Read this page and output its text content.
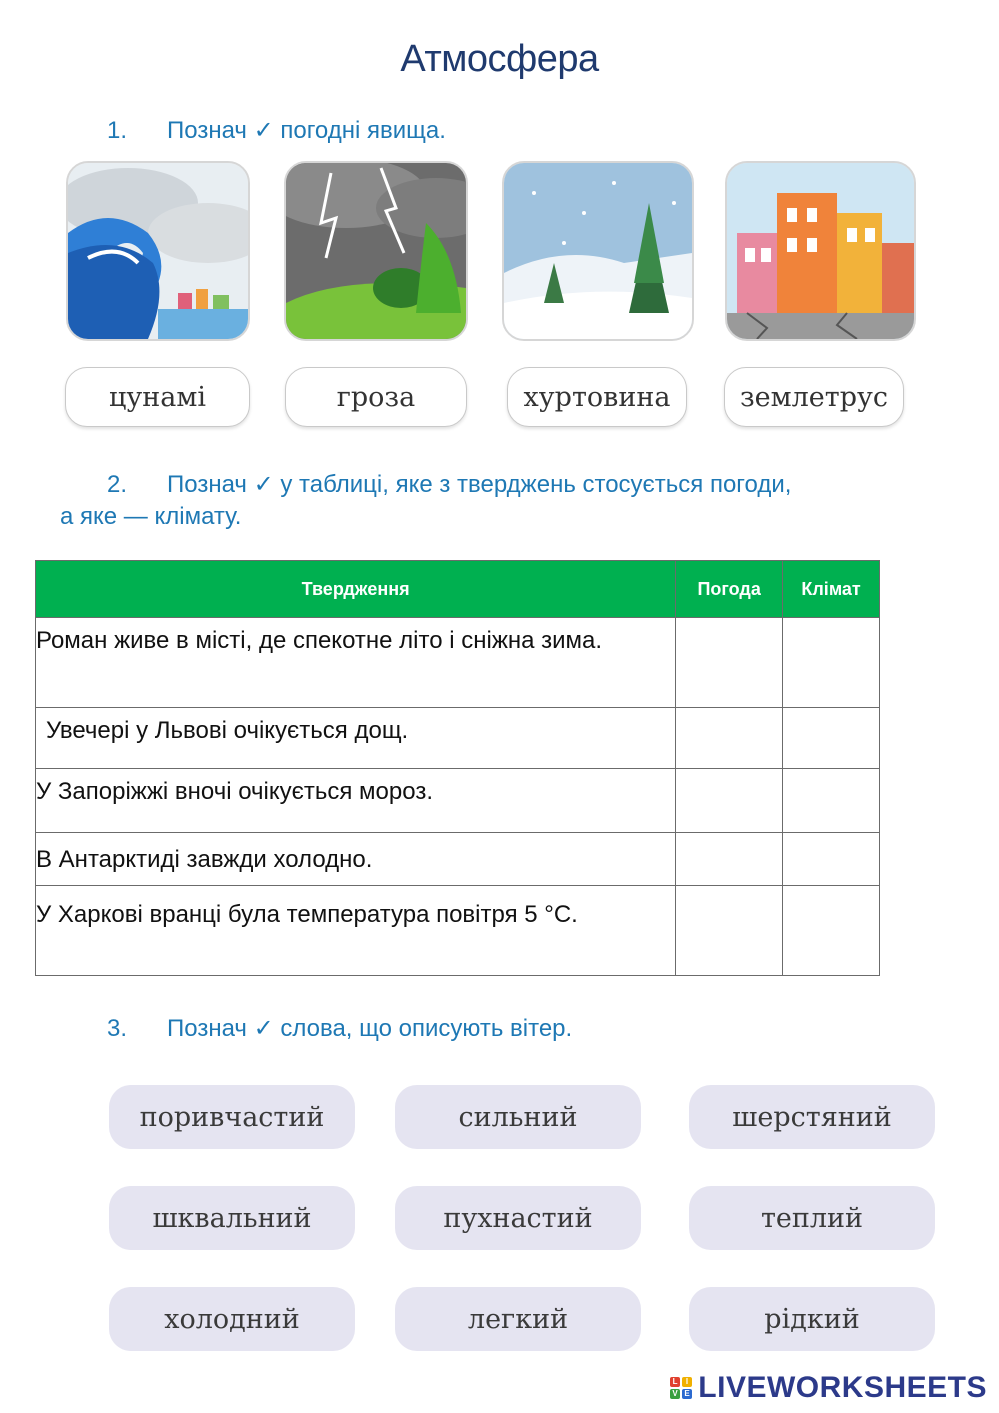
Атмосфера
1. Познач ✓ погодні явища.
цунамі	гроза	хуртовина	землетрус
2. Познач ✓ у таблиці, яке з тверджень стосується погоди,
а яке — клімату.
Твердження	Погода	Клімат
Роман живе в місті, де спекотне літо і сніжна зима.		
Увечері у Львові очікується дощ.		
У Запоріжжі вночі очікується мороз.		
В Антарктиді завжди холодно.		
У Харкові вранці була температура повітря 5 °С.		
3. Познач ✓ слова, що описують вітер.
поривчастий	сильний	шерстяний
шквальний	пухнастий	теплий
холодний	легкий	рідкий
L I
V E LIVEWORKSHEETS
